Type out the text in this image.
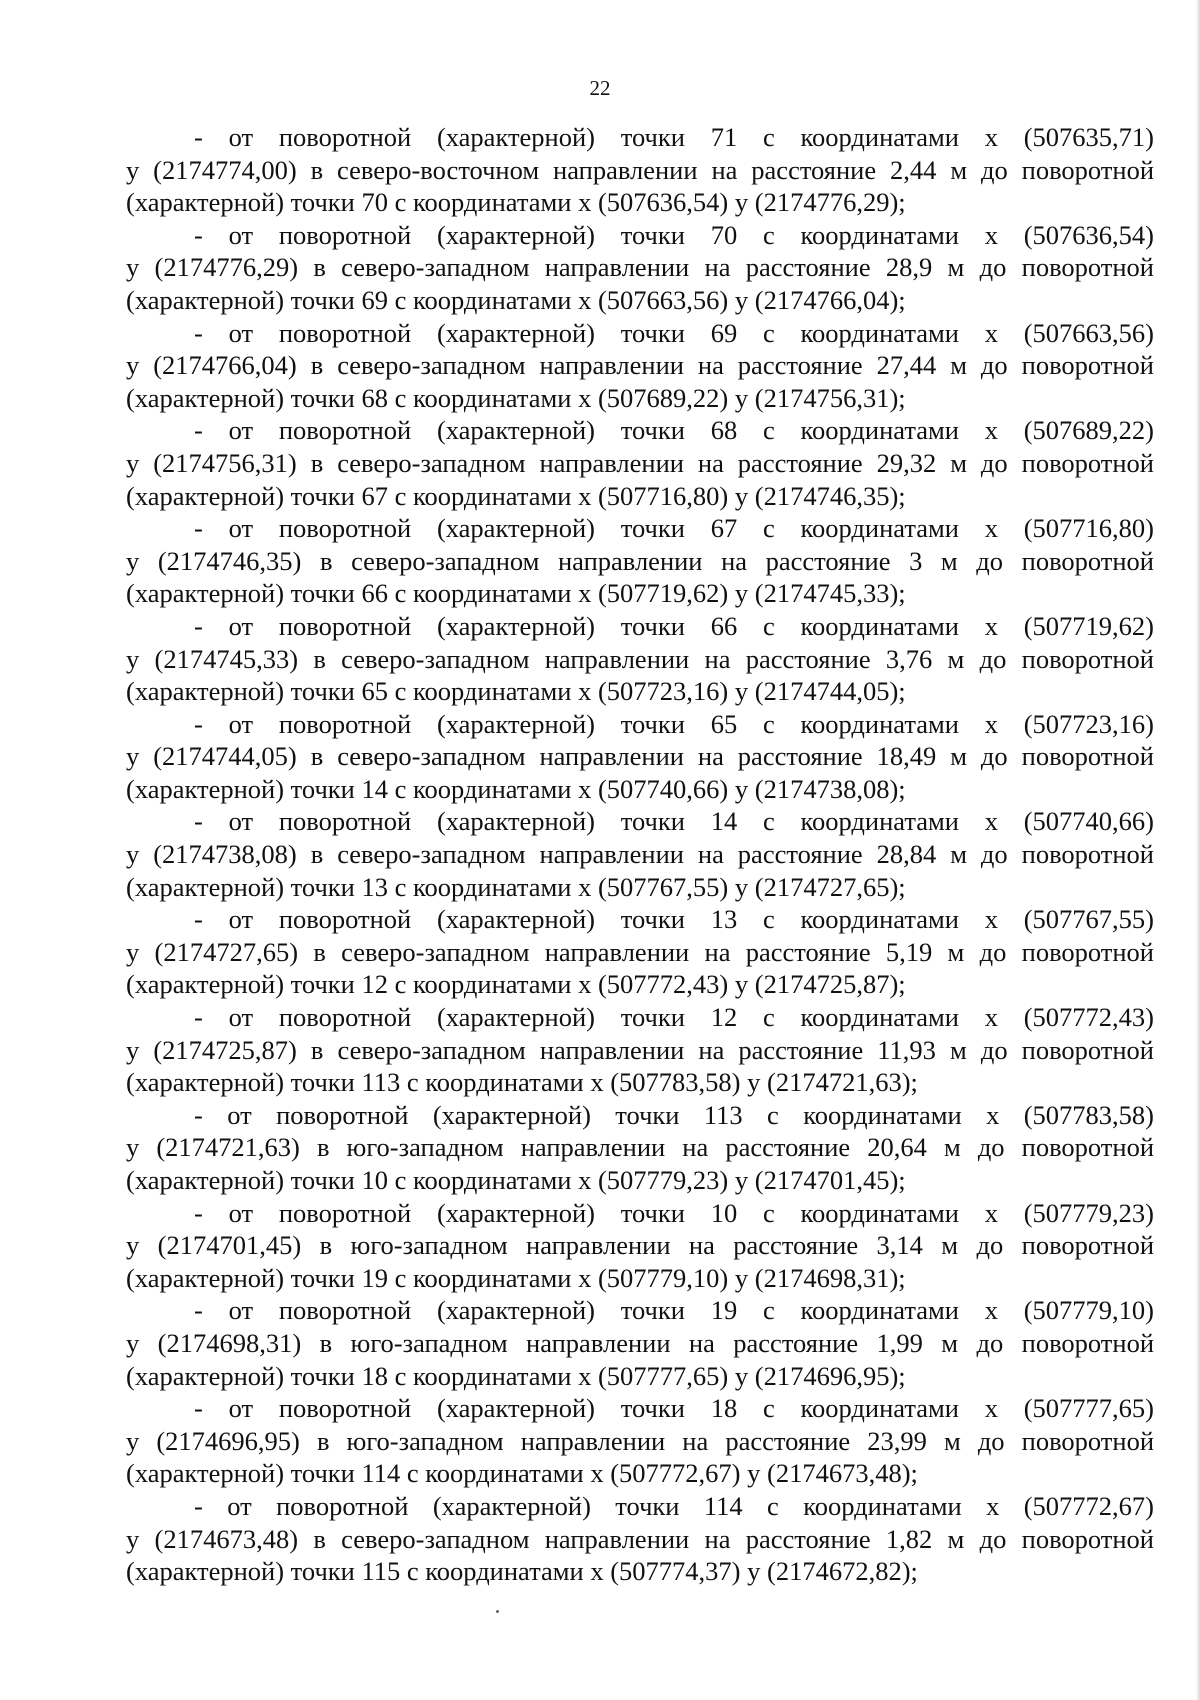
22
- от поворотной (характерной) точки 71 с координатами х (507635,71)
у (2174774,00) в северо-восточном направлении на расстояние 2,44 м до поворотной
(характерной) точки 70 с координатами х (507636,54) у (2174776,29);
- от поворотной (характерной) точки 70 с координатами х (507636,54)
у (2174776,29) в северо-западном направлении на расстояние 28,9 м до поворотной
(характерной) точки 69 с координатами х (507663,56) у (2174766,04);
- от поворотной (характерной) точки 69 с координатами х (507663,56)
у (2174766,04) в северо-западном направлении на расстояние 27,44 м до поворотной
(характерной) точки 68 с координатами х (507689,22) у (2174756,31);
- от поворотной (характерной) точки 68 с координатами х (507689,22)
у (2174756,31) в северо-западном направлении на расстояние 29,32 м до поворотной
(характерной) точки 67 с координатами х (507716,80) у (2174746,35);
- от поворотной (характерной) точки 67 с координатами х (507716,80)
у (2174746,35) в северо-западном направлении на расстояние 3 м до поворотной
(характерной) точки 66 с координатами х (507719,62) у (2174745,33);
- от поворотной (характерной) точки 66 с координатами х (507719,62)
у (2174745,33) в северо-западном направлении на расстояние 3,76 м до поворотной
(характерной) точки 65 с координатами х (507723,16) у (2174744,05);
- от поворотной (характерной) точки 65 с координатами х (507723,16)
у (2174744,05) в северо-западном направлении на расстояние 18,49 м до поворотной
(характерной) точки 14 с координатами х (507740,66) у (2174738,08);
- от поворотной (характерной) точки 14 с координатами х (507740,66)
у (2174738,08) в северо-западном направлении на расстояние 28,84 м до поворотной
(характерной) точки 13 с координатами х (507767,55) у (2174727,65);
- от поворотной (характерной) точки 13 с координатами х (507767,55)
у (2174727,65) в северо-западном направлении на расстояние 5,19 м до поворотной
(характерной) точки 12 с координатами х (507772,43) у (2174725,87);
- от поворотной (характерной) точки 12 с координатами х (507772,43)
у (2174725,87) в северо-западном направлении на расстояние 11,93 м до поворотной
(характерной) точки 113 с координатами х (507783,58) у (2174721,63);
- от поворотной (характерной) точки 113 с координатами х (507783,58)
у (2174721,63) в юго-западном направлении на расстояние 20,64 м до поворотной
(характерной) точки 10 с координатами х (507779,23) у (2174701,45);
- от поворотной (характерной) точки 10 с координатами х (507779,23)
у (2174701,45) в юго-западном направлении на расстояние 3,14 м до поворотной
(характерной) точки 19 с координатами х (507779,10) у (2174698,31);
- от поворотной (характерной) точки 19 с координатами х (507779,10)
у (2174698,31) в юго-западном направлении на расстояние 1,99 м до поворотной
(характерной) точки 18 с координатами х (507777,65) у (2174696,95);
- от поворотной (характерной) точки 18 с координатами х (507777,65)
у (2174696,95) в юго-западном направлении на расстояние 23,99 м до поворотной
(характерной) точки 114 с координатами х (507772,67) у (2174673,48);
- от поворотной (характерной) точки 114 с координатами х (507772,67)
у (2174673,48) в северо-западном направлении на расстояние 1,82 м до поворотной
(характерной) точки 115 с координатами х (507774,37) у (2174672,82);
